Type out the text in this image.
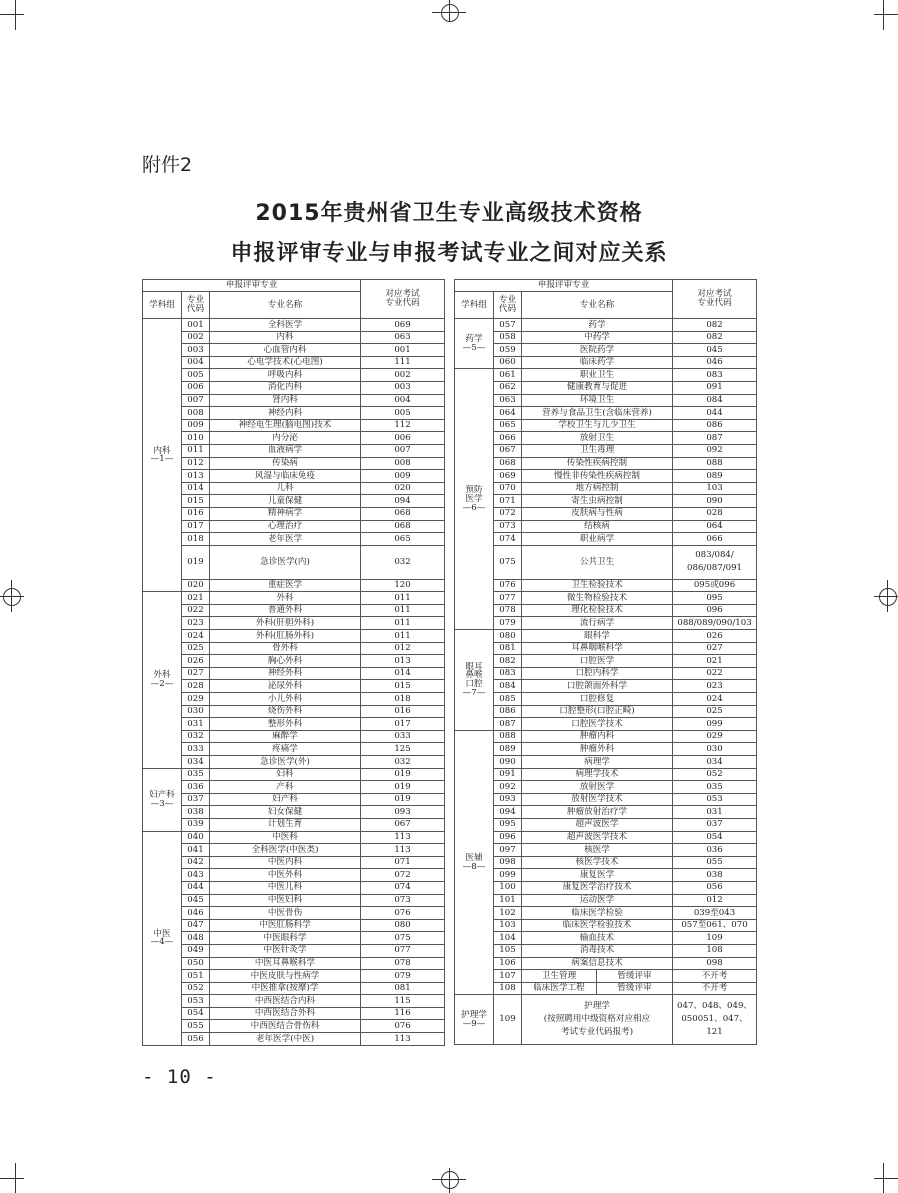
附件2
2015年贵州省卫生专业高级技术资格
申报评审专业与申报考试专业之间对应关系
申报评审专业			对应考试
专业代码
学科组	专业
代码	专业名称	
内科
—1—	001	全科医学	069
	002	内科	063
	003	心血管内科	001
	004	心电学技术(心电图)	111
	005	呼吸内科	002
	006	消化内科	003
	007	肾内科	004
	008	神经内科	005
	009	神经电生理(脑电图)技术	112
	010	内分泌	006
	011	血液病学	007
	012	传染病	008
	013	风湿与临床免疫	009
	014	儿科	020
	015	儿童保健	094
	016	精神病学	068
	017	心理治疗	068
	018	老年医学	065
	019	急诊医学(内)	032
	020	重症医学	120
外科
—2—	021	外科	011
	022	普通外科	011
	023	外科(肝胆外科)	011
	024	外科(肛肠外科)	011
	025	骨外科	012
	026	胸心外科	013
	027	神经外科	014
	028	泌尿外科	015
	029	小儿外科	018
	030	烧伤外科	016
	031	整形外科	017
	032	麻醉学	033
	033	疼痛学	125
	034	急诊医学(外)	032
妇产科
—3—	035	妇科	019
	036	产科	019
	037	妇产科	019
	038	妇女保健	093
	039	计划生育	067
中医
—4—	040	中医科	113
	041	全科医学(中医类)	113
	042	中医内科	071
	043	中医外科	072
	044	中医儿科	074
	045	中医妇科	073
	046	中医骨伤	076
	047	中医肛肠科学	080
	048	中医眼科学	075
	049	中医针灸学	077
	050	中医耳鼻喉科学	078
	051	中医皮肤与性病学	079
	052	中医推拿(按摩)学	081
	053	中西医结合内科	115
	054	中西医结合外科	116
	055	中西医结合骨伤科	076
	056	老年医学(中医)	113
申报评审专业				对应考试
专业代码
学科组	专业
代码	专业名称		
药学
—5—	057	药学		082
	058	中药学		082
	059	医院药学		045
	060	临床药学		046
预防
医学
—6—	061	职业卫生		083
	062	健康教育与促进		091
	063	环境卫生		084
	064	营养与食品卫生(含临床营养)		044
	065	学校卫生与儿少卫生		086
	066	放射卫生		087
	067	卫生毒理		092
	068	传染性疾病控制		088
	069	慢性非传染性疾病控制		089
	070	地方病控制		103
	071	寄生虫病控制		090
	072	皮肤病与性病		028
	073	结核病		064
	074	职业病学		066
	075	公共卫生		083/084/
086/087/091
	076	卫生检验技术		095或096
	077	微生物检验技术		095
	078	理化检验技术		096
	079	流行病学		088/089/090/103
眼耳
鼻喉
口腔
—7—	080	眼科学		026
	081	耳鼻咽喉科学		027
	082	口腔医学		021
	083	口腔内科学		022
	084	口腔颌面外科学		023
	085	口腔修复		024
	086	口腔整形(口腔正畸)		025
	087	口腔医学技术		099
医辅
—8—	088	肿瘤内科		029
	089	肿瘤外科		030
	090	病理学		034
	091	病理学技术		052
	092	放射医学		035
	093	放射医学技术		053
	094	肿瘤放射治疗学		031
	095	超声波医学		037
	096	超声波医学技术		054
	097	核医学		036
	098	核医学技术		055
	099	康复医学		038
	100	康复医学治疗技术		056
	101	运动医学		012
	102	临床医学检验		039至043
	103	临床医学检验技术		057至061、070
	104	输血技术		109
	105	消毒技术		108
	106	病案信息技术		098
	107	卫生管理	暂缓评审	不开考
	108	临床医学工程	暂缓评审	不开考
护理学
—9—	109	护理学
(按照聘用中级资格对应相应
考试专业代码报考)		047、048、049、
050051、047、121
- 10 -
